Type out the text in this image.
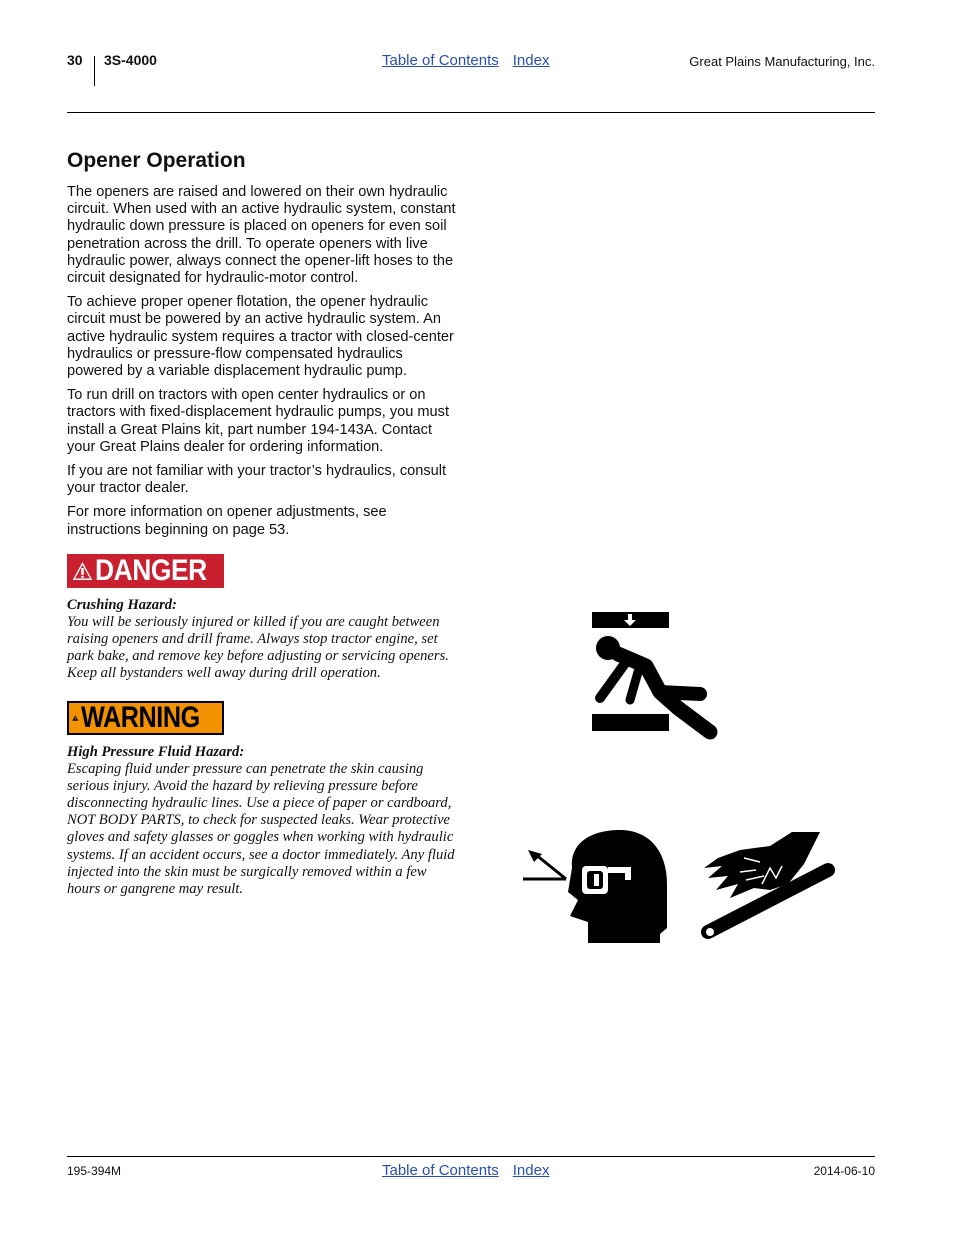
30 3S-4000	Table of Contents Index	Great Plains Manufacturing, Inc.
Opener Operation

The openers are raised and lowered on their own hydraulic circuit. When used with an active hydraulic system, constant hydraulic down pressure is placed on openers for even soil penetration across the drill. To operate openers with live hydraulic power, always connect the opener-lift hoses to the circuit designated for hydraulic-motor control.

To achieve proper opener flotation, the opener hydraulic circuit must be powered by an active hydraulic system. An active hydraulic system requires a tractor with closed-center hydraulics or pressure-flow compensated hydraulics powered by a variable displacement hydraulic pump.

To run drill on tractors with open center hydraulics or on tractors with fixed-displacement hydraulic pumps, you must install a Great Plains kit, part number 194-143A. Contact your Great Plains dealer for ordering information.

If you are not familiar with your tractor’s hydraulics, consult your tractor dealer.

For more information on opener adjustments, see instructions beginning on page 53.

DANGER

Crushing Hazard:

You will be seriously injured or killed if you are caught between raising openers and drill frame. Always stop tractor engine, set park bake, and remove key before adjusting or servicing openers. Keep all bystanders well away during drill operation.

WARNING

High Pressure Fluid Hazard:

Escaping fluid under pressure can penetrate the skin causing serious injury. Avoid the hazard by relieving pressure before disconnecting hydraulic lines. Use a piece of paper or cardboard, NOT BODY PARTS, to check for suspected leaks. Wear protective gloves and safety glasses or goggles when working with hydraulic systems. If an accident occurs, see a doctor immediately. Any fluid injected into the skin must be surgically removed within a few hours or gangrene may result.

195-394M	Table of Contents Index	2014-06-10
